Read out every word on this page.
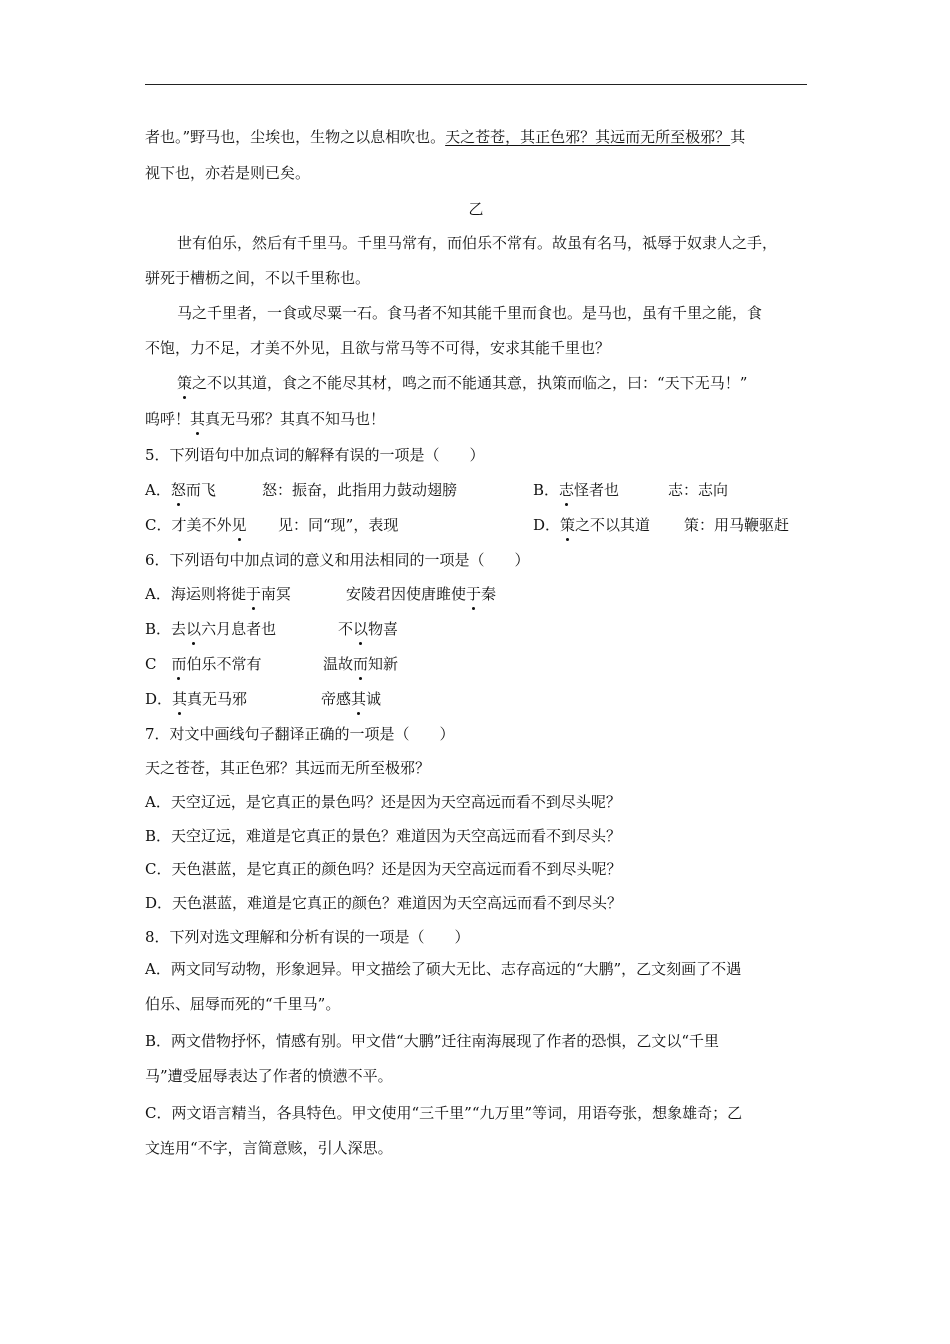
者也。”野马也，尘埃也，生物之以息相吹也。天之苍苍，其正色邪？其远而无所至极邪？其
视下也，亦若是则已矣。
乙
世有伯乐，然后有千里马。千里马常有，而伯乐不常有。故虽有名马，祗辱于奴隶人之手，
骈死于槽枥之间，不以千里称也。
马之千里者，一食或尽粟一石。食马者不知其能千里而食也。是马也，虽有千里之能，食
不饱，力不足，才美不外见，且欲与常马等不可得，安求其能千里也？
策之不以其道，食之不能尽其材，鸣之而不能通其意，执策而临之，曰：“天下无马！”
呜呼！其真无马邪？其真不知马也！
5．下列语句中加点词的解释有误的一项是（　　）
A．怒而飞	怒：振奋，此指用力鼓动翅膀	B．志怪者也	志：志向
C．才美不外见 见：同“现”，表现	D．策之不以其道 策：用马鞭驱赶
6．下列语句中加点词的意义和用法相同的一项是（　　）
A．海运则将徙于南冥	安陵君因使唐雎使于秦
B．去以六月息者也	不以物喜
C 而伯乐不常有	温故而知新
D．其真无马邪	帝感其诚
7．对文中画线句子翻译正确的一项是（　　）
天之苍苍，其正色邪？其远而无所至极邪？
A．天空辽远，是它真正的景色吗？还是因为天空高远而看不到尽头呢？
B．天空辽远，难道是它真正的景色？难道因为天空高远而看不到尽头？
C．天色湛蓝，是它真正的颜色吗？还是因为天空高远而看不到尽头呢？
D．天色湛蓝，难道是它真正的颜色？难道因为天空高远而看不到尽头？
8．下列对选文理解和分析有误的一项是（　　）
A．两文同写动物，形象迥异。甲文描绘了硕大无比、志存高远的“大鹏”，乙文刻画了不遇
伯乐、屈辱而死的“千里马”。
B．两文借物抒怀，情感有别。甲文借“大鹏”迁往南海展现了作者的恐惧，乙文以“千里
马”遭受屈辱表达了作者的愤懑不平。
C．两文语言精当，各具特色。甲文使用“三千里”“九万里”等词，用语夸张，想象雄奇；乙
文连用“不字，言简意赅，引人深思。
